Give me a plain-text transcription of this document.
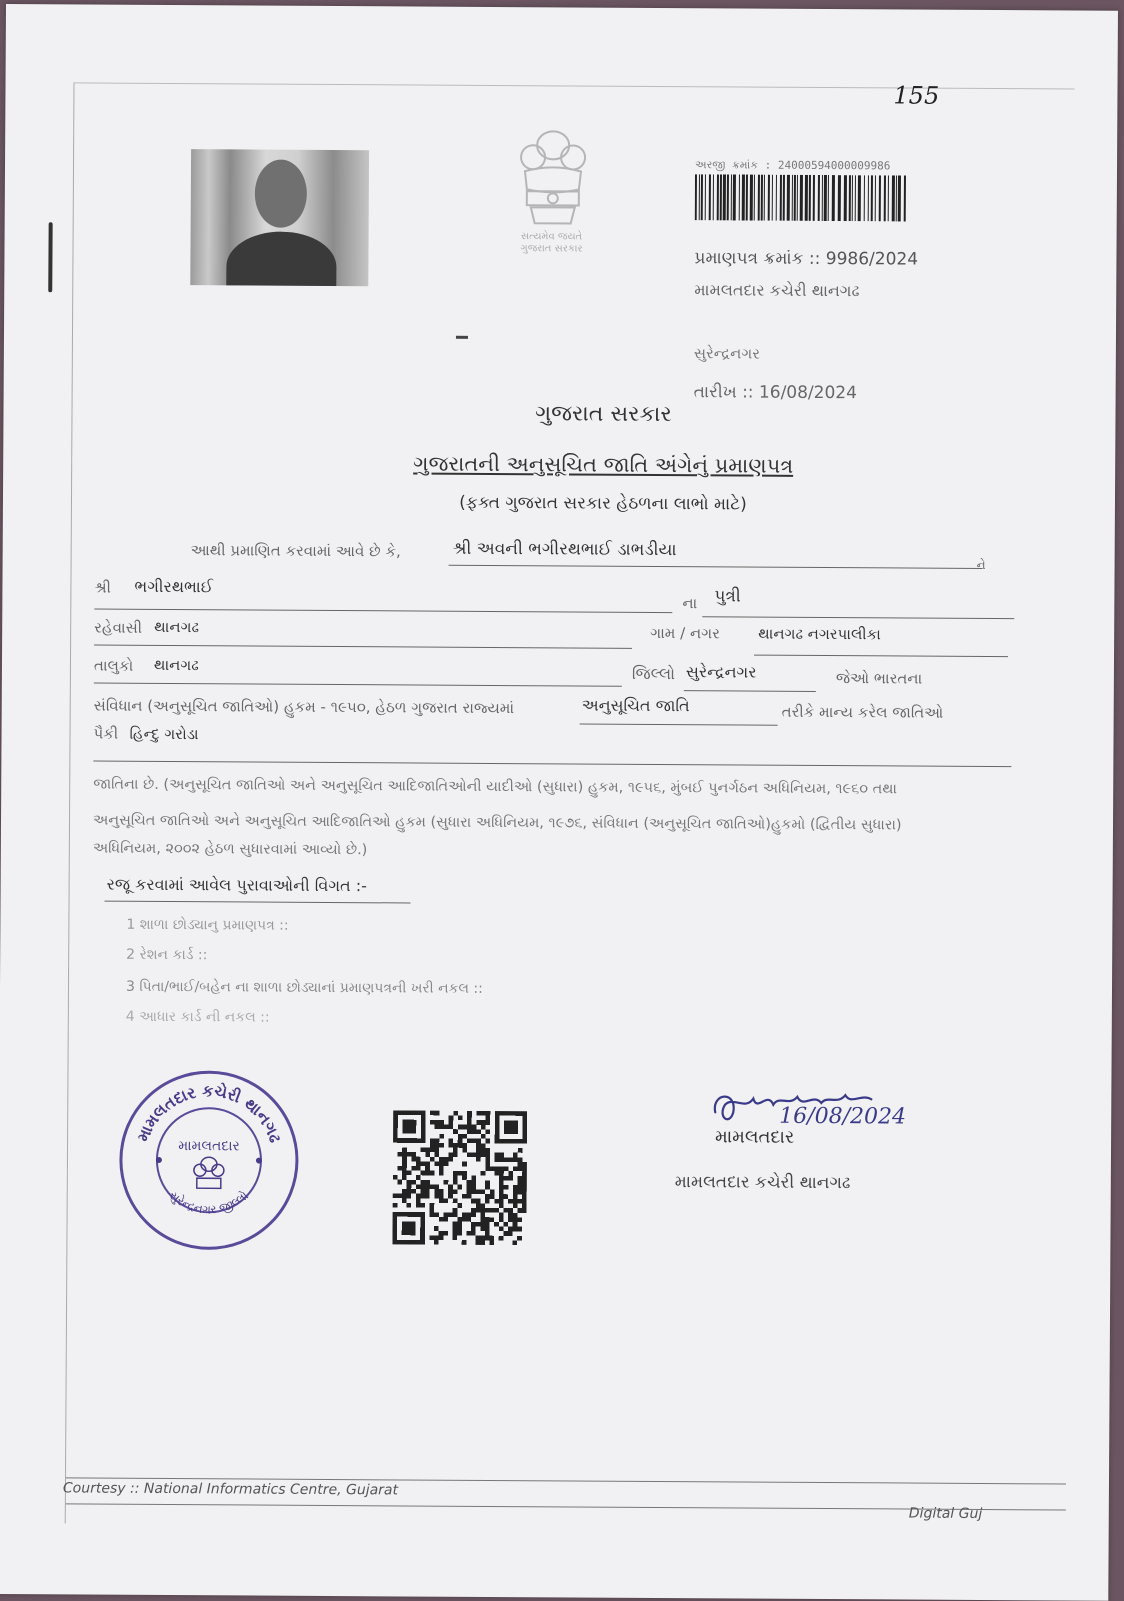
155
સત્યમેવ જયતે
ગુજરાત સરકાર
અરજી ક્રમાંક : 24000594000009986
પ્રમાણપત્ર ક્રમાંક :: 9986/2024
મામલતદાર કચેરી થાનગઢ
સુરેન્દ્રનગર
તારીખ :: 16/08/2024
ગુજરાત સરકાર
ગુજરાતની અનુસૂચિત જાતિ અંગેનું પ્રમાણપત્ર
(ફક્ત ગુજરાત સરકાર હેઠળના લાભો માટે)
આથી પ્રમાણિત કરવામાં આવે છે કે,	શ્રી અવની ભગીરથભાઈ ડાભડીયા
ને
શ્રી ભગીરથભાઈ
ના પુત્રી
રહેવાસી થાનગઢ	ગામ / નગર	થાનગઢ નગરપાલીકા
તાલુકો થાનગઢ	જિલ્લો સુરેન્દ્રનગર	જેઓ ભારતના
સંવિધાન (અનુસૂચિત જાતિઓ) હુકમ - ૧૯૫૦, હેઠળ ગુજરાત રાજ્યમાં	અનુસૂચિત જાતિ	તરીકે માન્ય કરેલ જાતિઓ
પૈકી હિન્દુ ગરોડા
જાતિના છે. (અનુસૂચિત જાતિઓ અને અનુસૂચિત આદિજાતિઓની યાદીઓ (સુધારા) હુકમ, ૧૯૫૬, મુંબઈ પુનર્ગઠન અધિનિયમ, ૧૯૬૦ તથા
અનુસૂચિત જાતિઓ અને અનુસૂચિત આદિજાતિઓ હુકમ (સુધારા અધિનિયમ, ૧૯૭૬, સંવિધાન (અનુસૂચિત જાતિઓ)હુકમો (દ્વિતીય સુધારા)
અધિનિયમ, ૨૦૦૨ હેઠળ સુધારવામાં આવ્યો છે.)
રજૂ કરવામાં આવેલ પુરાવાઓની વિગત :-
1 શાળા છોડ્યાનુ પ્રમાણપત્ર ::
2 રેશન કાર્ડ ::
3 પિતા/ભાઈ/બહેન ના શાળા છોડ્યાનાં પ્રમાણપત્રની ખરી નકલ ::
4 આધાર કાર્ડ ની નકલ ::
મામલતદાર કચેરી થાનગઢ
સુરેન્દ્રનગર જીલ્લો
મામલતદાર
16/08/2024
મામલતદાર
મામલતદાર કચેરી થાનગઢ
Courtesy :: National Informatics Centre, Gujarat
Digital Guj
